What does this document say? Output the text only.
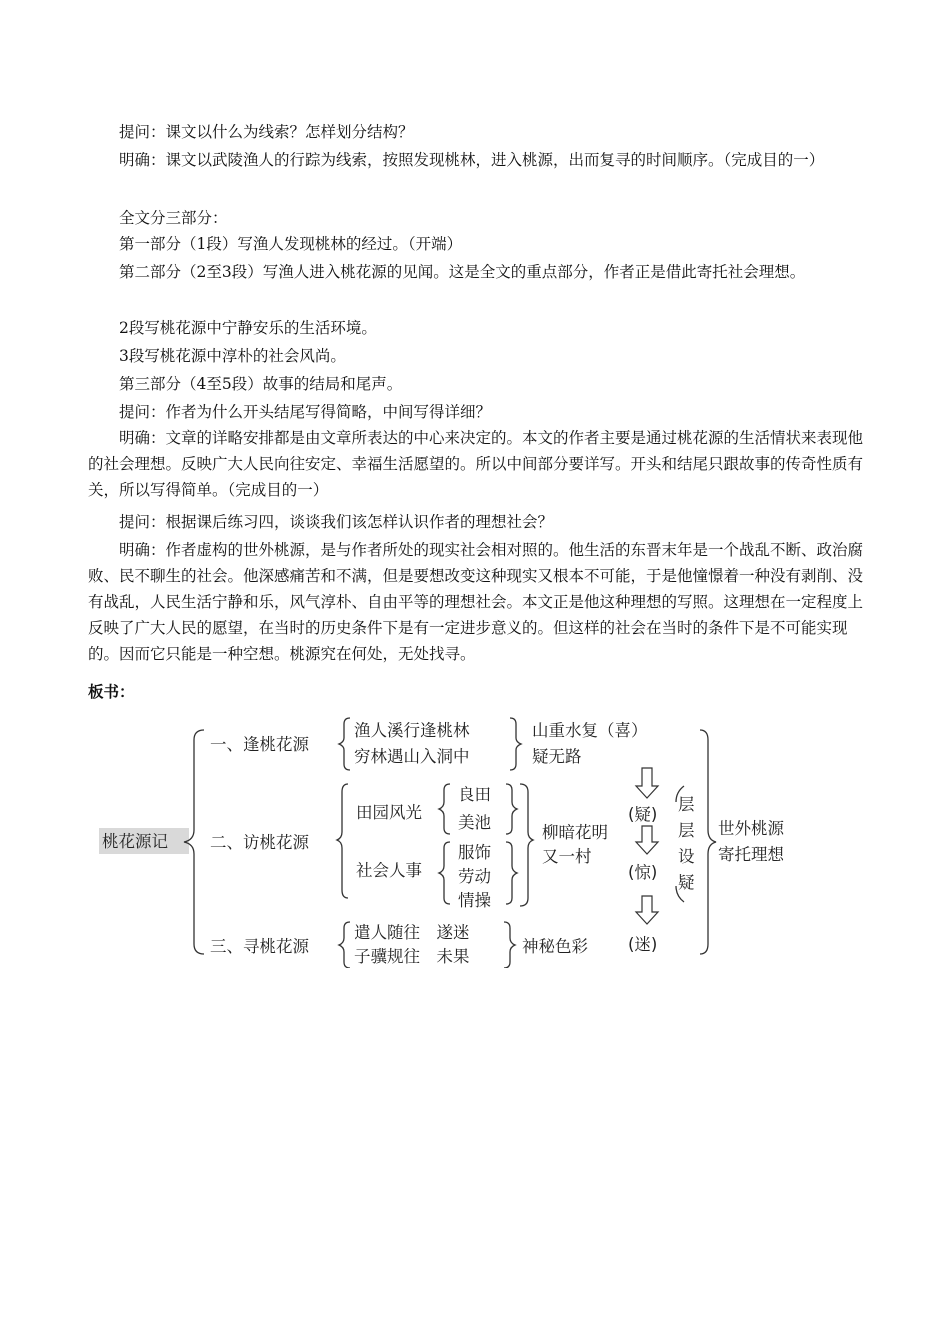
提问：课文以什么为线索？怎样划分结构？

明确：课文以武陵渔人的行踪为线索，按照发现桃林，进入桃源，出而复寻的时间顺序。（完成目的一）

全文分三部分：

第一部分（1段）写渔人发现桃林的经过。（开端）

第二部分（2至3段）写渔人进入桃花源的见闻。这是全文的重点部分，作者正是借此寄托社会理想。

2段写桃花源中宁静安乐的生活环境。

3段写桃花源中淳朴的社会风尚。

第三部分（4至5段）故事的结局和尾声。

提问：作者为什么开头结尾写得简略，中间写得详细？

明确：文章的详略安排都是由文章所表达的中心来决定的。本文的作者主要是通过桃花源的生活情状来表现他的社会理想。反映广大人民向往安定、幸福生活愿望的。所以中间部分要详写。开头和结尾只跟故事的传奇性质有关，所以写得简单。（完成目的一）

提问：根据课后练习四，谈谈我们该怎样认识作者的理想社会？

明确：作者虚构的世外桃源，是与作者所处的现实社会相对照的。他生活的东晋末年是一个战乱不断、政治腐败、民不聊生的社会。他深感痛苦和不满，但是要想改变这种现实又根本不可能，于是他憧憬着一种没有剥削、没有战乱，人民生活宁静和乐，风气淳朴、自由平等的理想社会。本文正是他这种理想的写照。这理想在一定程度上反映了广大人民的愿望，在当时的历史条件下是有一定进步意义的。但这样的社会在当时的条件下是不可能实现的。因而它只能是一种空想。桃源究在何处，无处找寻。

板书：

桃花源记
一、逢桃花源
二、访桃花源
三、寻桃花源
渔人溪行逢桃林
穷林遇山入洞中
山重水复（喜）
疑无路
田园风光
良田
美池
社会人事
服饰
劳动
情操
柳暗花明
又一村
遣人随往　遂迷
子骥规往　未果
神秘色彩
(疑)
(惊)
(迷)
层
层
设
疑
世外桃源
寄托理想
